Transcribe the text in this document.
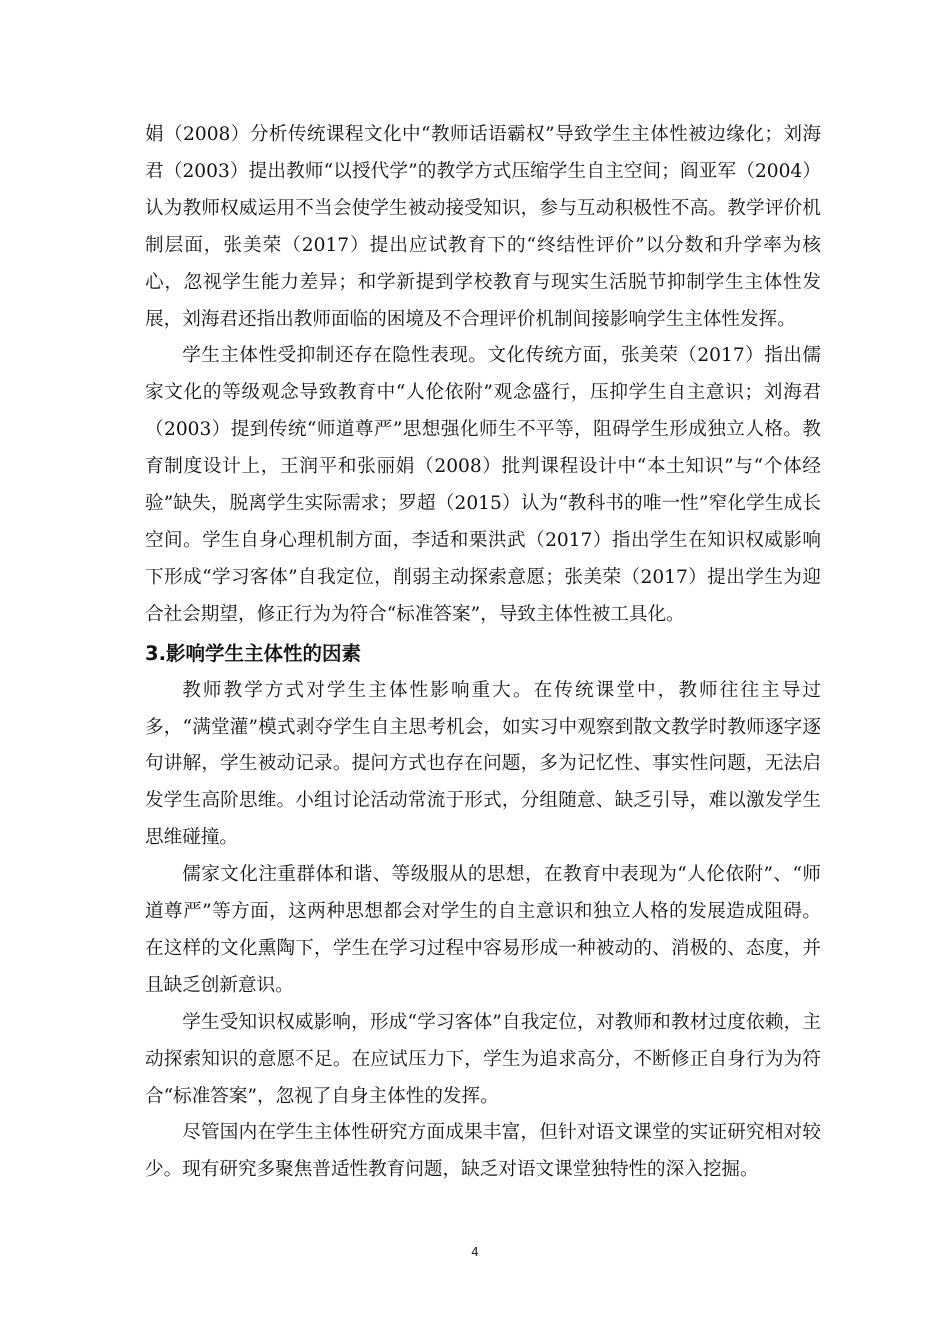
娟（2008）分析传统课程文化中“教师话语霸权”导致学生主体性被边缘化；刘海君（2003）提出教师“以授代学”的教学方式压缩学生自主空间；阎亚军（2004）认为教师权威运用不当会使学生被动接受知识，参与互动积极性不高。教学评价机制层面，张美荣（2017）提出应试教育下的“终结性评价”以分数和升学率为核心，忽视学生能力差异；和学新提到学校教育与现实生活脱节抑制学生主体性发展，刘海君还指出教师面临的困境及不合理评价机制间接影响学生主体性发挥。

学生主体性受抑制还存在隐性表现。文化传统方面，张美荣（2017）指出儒家文化的等级观念导致教育中“人伦依附”观念盛行，压抑学生自主意识；刘海君（2003）提到传统“师道尊严”思想强化师生不平等，阻碍学生形成独立人格。教育制度设计上，王润平和张丽娟（2008）批判课程设计中“本土知识”与“个体经验”缺失，脱离学生实际需求；罗超（2015）认为“教科书的唯一性”窄化学生成长空间。学生自身心理机制方面，李适和栗洪武（2017）指出学生在知识权威影响下形成“学习客体”自我定位，削弱主动探索意愿；张美荣（2017）提出学生为迎合社会期望，修正行为为符合“标准答案”，导致主体性被工具化。

3.影响学生主体性的因素

教师教学方式对学生主体性影响重大。在传统课堂中，教师往往主导过多，“满堂灌”模式剥夺学生自主思考机会，如实习中观察到散文教学时教师逐字逐句讲解，学生被动记录。提问方式也存在问题，多为记忆性、事实性问题，无法启发学生高阶思维。小组讨论活动常流于形式，分组随意、缺乏引导，难以激发学生思维碰撞。

儒家文化注重群体和谐、等级服从的思想，在教育中表现为“人伦依附”、“师道尊严”等方面，这两种思想都会对学生的自主意识和独立人格的发展造成阻碍。在这样的文化熏陶下，学生在学习过程中容易形成一种被动的、消极的、态度，并且缺乏创新意识。

学生受知识权威影响，形成“学习客体”自我定位，对教师和教材过度依赖，主动探索知识的意愿不足。在应试压力下，学生为追求高分，不断修正自身行为为符合“标准答案”，忽视了自身主体性的发挥。

尽管国内在学生主体性研究方面成果丰富，但针对语文课堂的实证研究相对较少。现有研究多聚焦普适性教育问题，缺乏对语文课堂独特性的深入挖掘。

4
